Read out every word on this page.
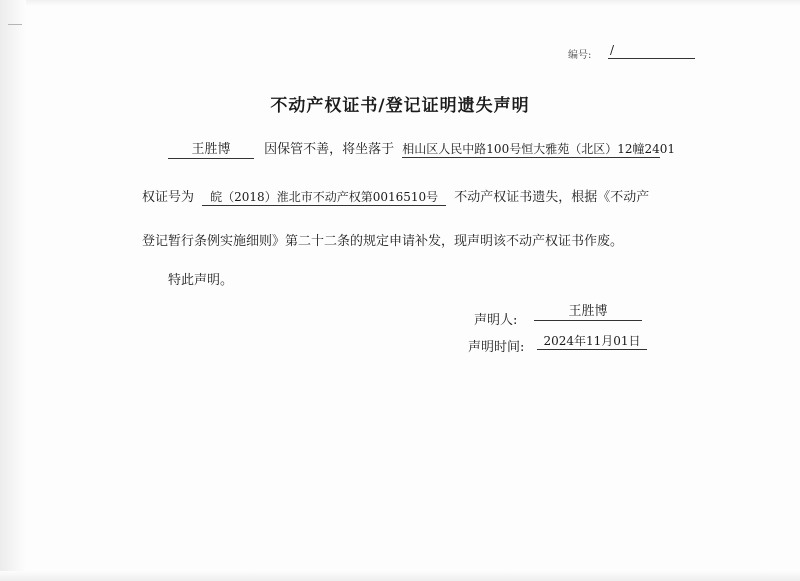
编号: /
不动产权证书/登记证明遗失声明
王胜博	因保管不善，将坐落于 相山区人民中路100号恒大雅苑（北区）12幢2401
权证号为 皖（2018）淮北市不动产权第0016510号 不动产权证书遗失，根据《不动产
登记暂行条例实施细则》第二十二条的规定申请补发，现声明该不动产权证书作废。
特此声明。
声明人:
王胜博
声明时间:	2024年11月01日
